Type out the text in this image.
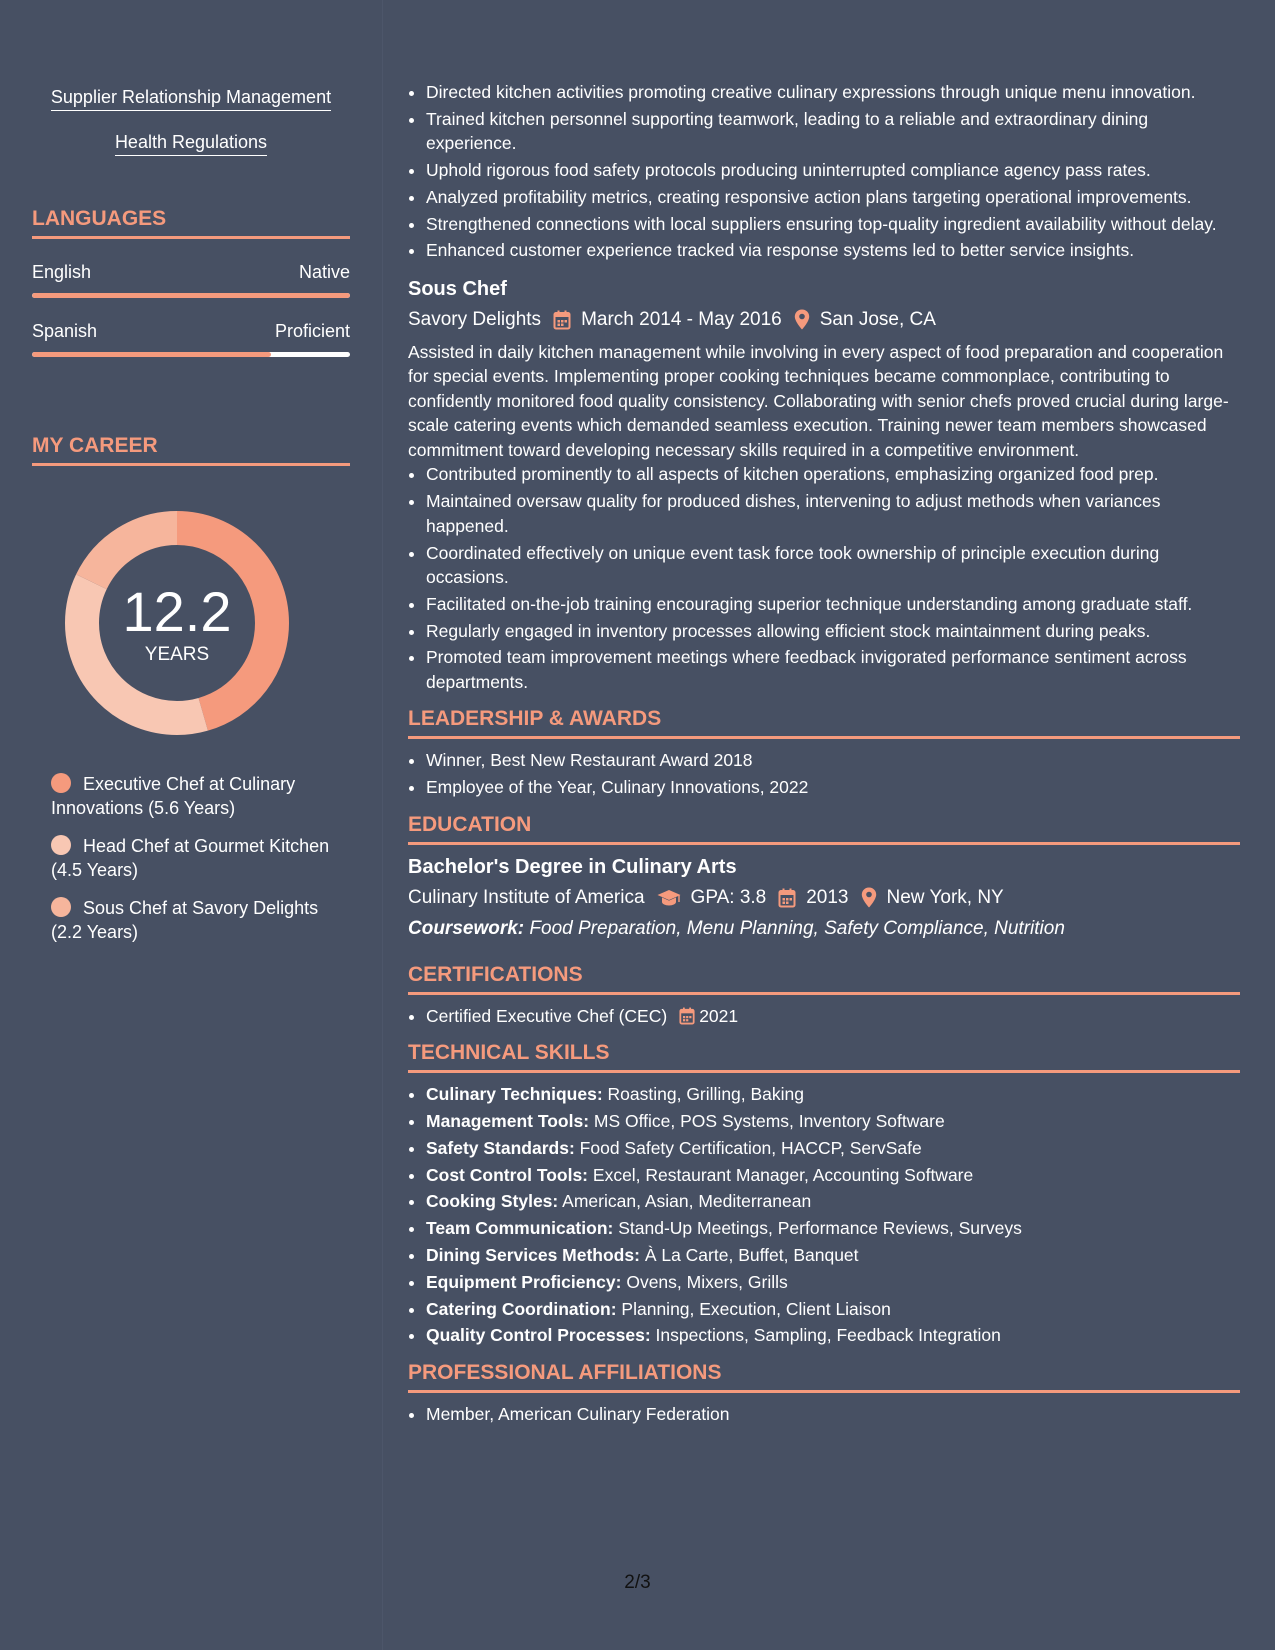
Supplier Relationship Management
Health Regulations
LANGUAGES
English	Native
Spanish	Proficient
MY CAREER
12.2
YEARS
Executive Chef at Culinary Innovations (5.6 Years)
Head Chef at Gourmet Kitchen (4.5 Years)
Sous Chef at Savory Delights (2.2 Years)
• Directed kitchen activities promoting creative culinary expressions through unique menu innovation.
• Trained kitchen personnel supporting teamwork, leading to a reliable and extraordinary dining experience.
• Uphold rigorous food safety protocols producing uninterrupted compliance agency pass rates.
• Analyzed profitability metrics, creating responsive action plans targeting operational improvements.
• Strengthened connections with local suppliers ensuring top-quality ingredient availability without delay.
• Enhanced customer experience tracked via response systems led to better service insights.
Sous Chef
Savory Delights March 2014 - May 2016 San Jose, CA
Assisted in daily kitchen management while involving in every aspect of food preparation and cooperation for special events. Implementing proper cooking techniques became commonplace, contributing to confidently monitored food quality consistency. Collaborating with senior chefs proved crucial during large-scale catering events which demanded seamless execution. Training newer team members showcased commitment toward developing necessary skills required in a competitive environment.
• Contributed prominently to all aspects of kitchen operations, emphasizing organized food prep.
• Maintained oversaw quality for produced dishes, intervening to adjust methods when variances happened.
• Coordinated effectively on unique event task force took ownership of principle execution during occasions.
• Facilitated on-the-job training encouraging superior technique understanding among graduate staff.
• Regularly engaged in inventory processes allowing efficient stock maintainment during peaks.
• Promoted team improvement meetings where feedback invigorated performance sentiment across departments.
LEADERSHIP & AWARDS
• Winner, Best New Restaurant Award 2018
• Employee of the Year, Culinary Innovations, 2022
EDUCATION
Bachelor's Degree in Culinary Arts
Culinary Institute of America GPA: 3.8 2013 New York, NY
Coursework: Food Preparation, Menu Planning, Safety Compliance, Nutrition
CERTIFICATIONS
• Certified Executive Chef (CEC) 2021
TECHNICAL SKILLS
• Culinary Techniques: Roasting, Grilling, Baking
• Management Tools: MS Office, POS Systems, Inventory Software
• Safety Standards: Food Safety Certification, HACCP, ServSafe
• Cost Control Tools: Excel, Restaurant Manager, Accounting Software
• Cooking Styles: American, Asian, Mediterranean
• Team Communication: Stand-Up Meetings, Performance Reviews, Surveys
• Dining Services Methods: À La Carte, Buffet, Banquet
• Equipment Proficiency: Ovens, Mixers, Grills
• Catering Coordination: Planning, Execution, Client Liaison
• Quality Control Processes: Inspections, Sampling, Feedback Integration
PROFESSIONAL AFFILIATIONS
• Member, American Culinary Federation
2/3
